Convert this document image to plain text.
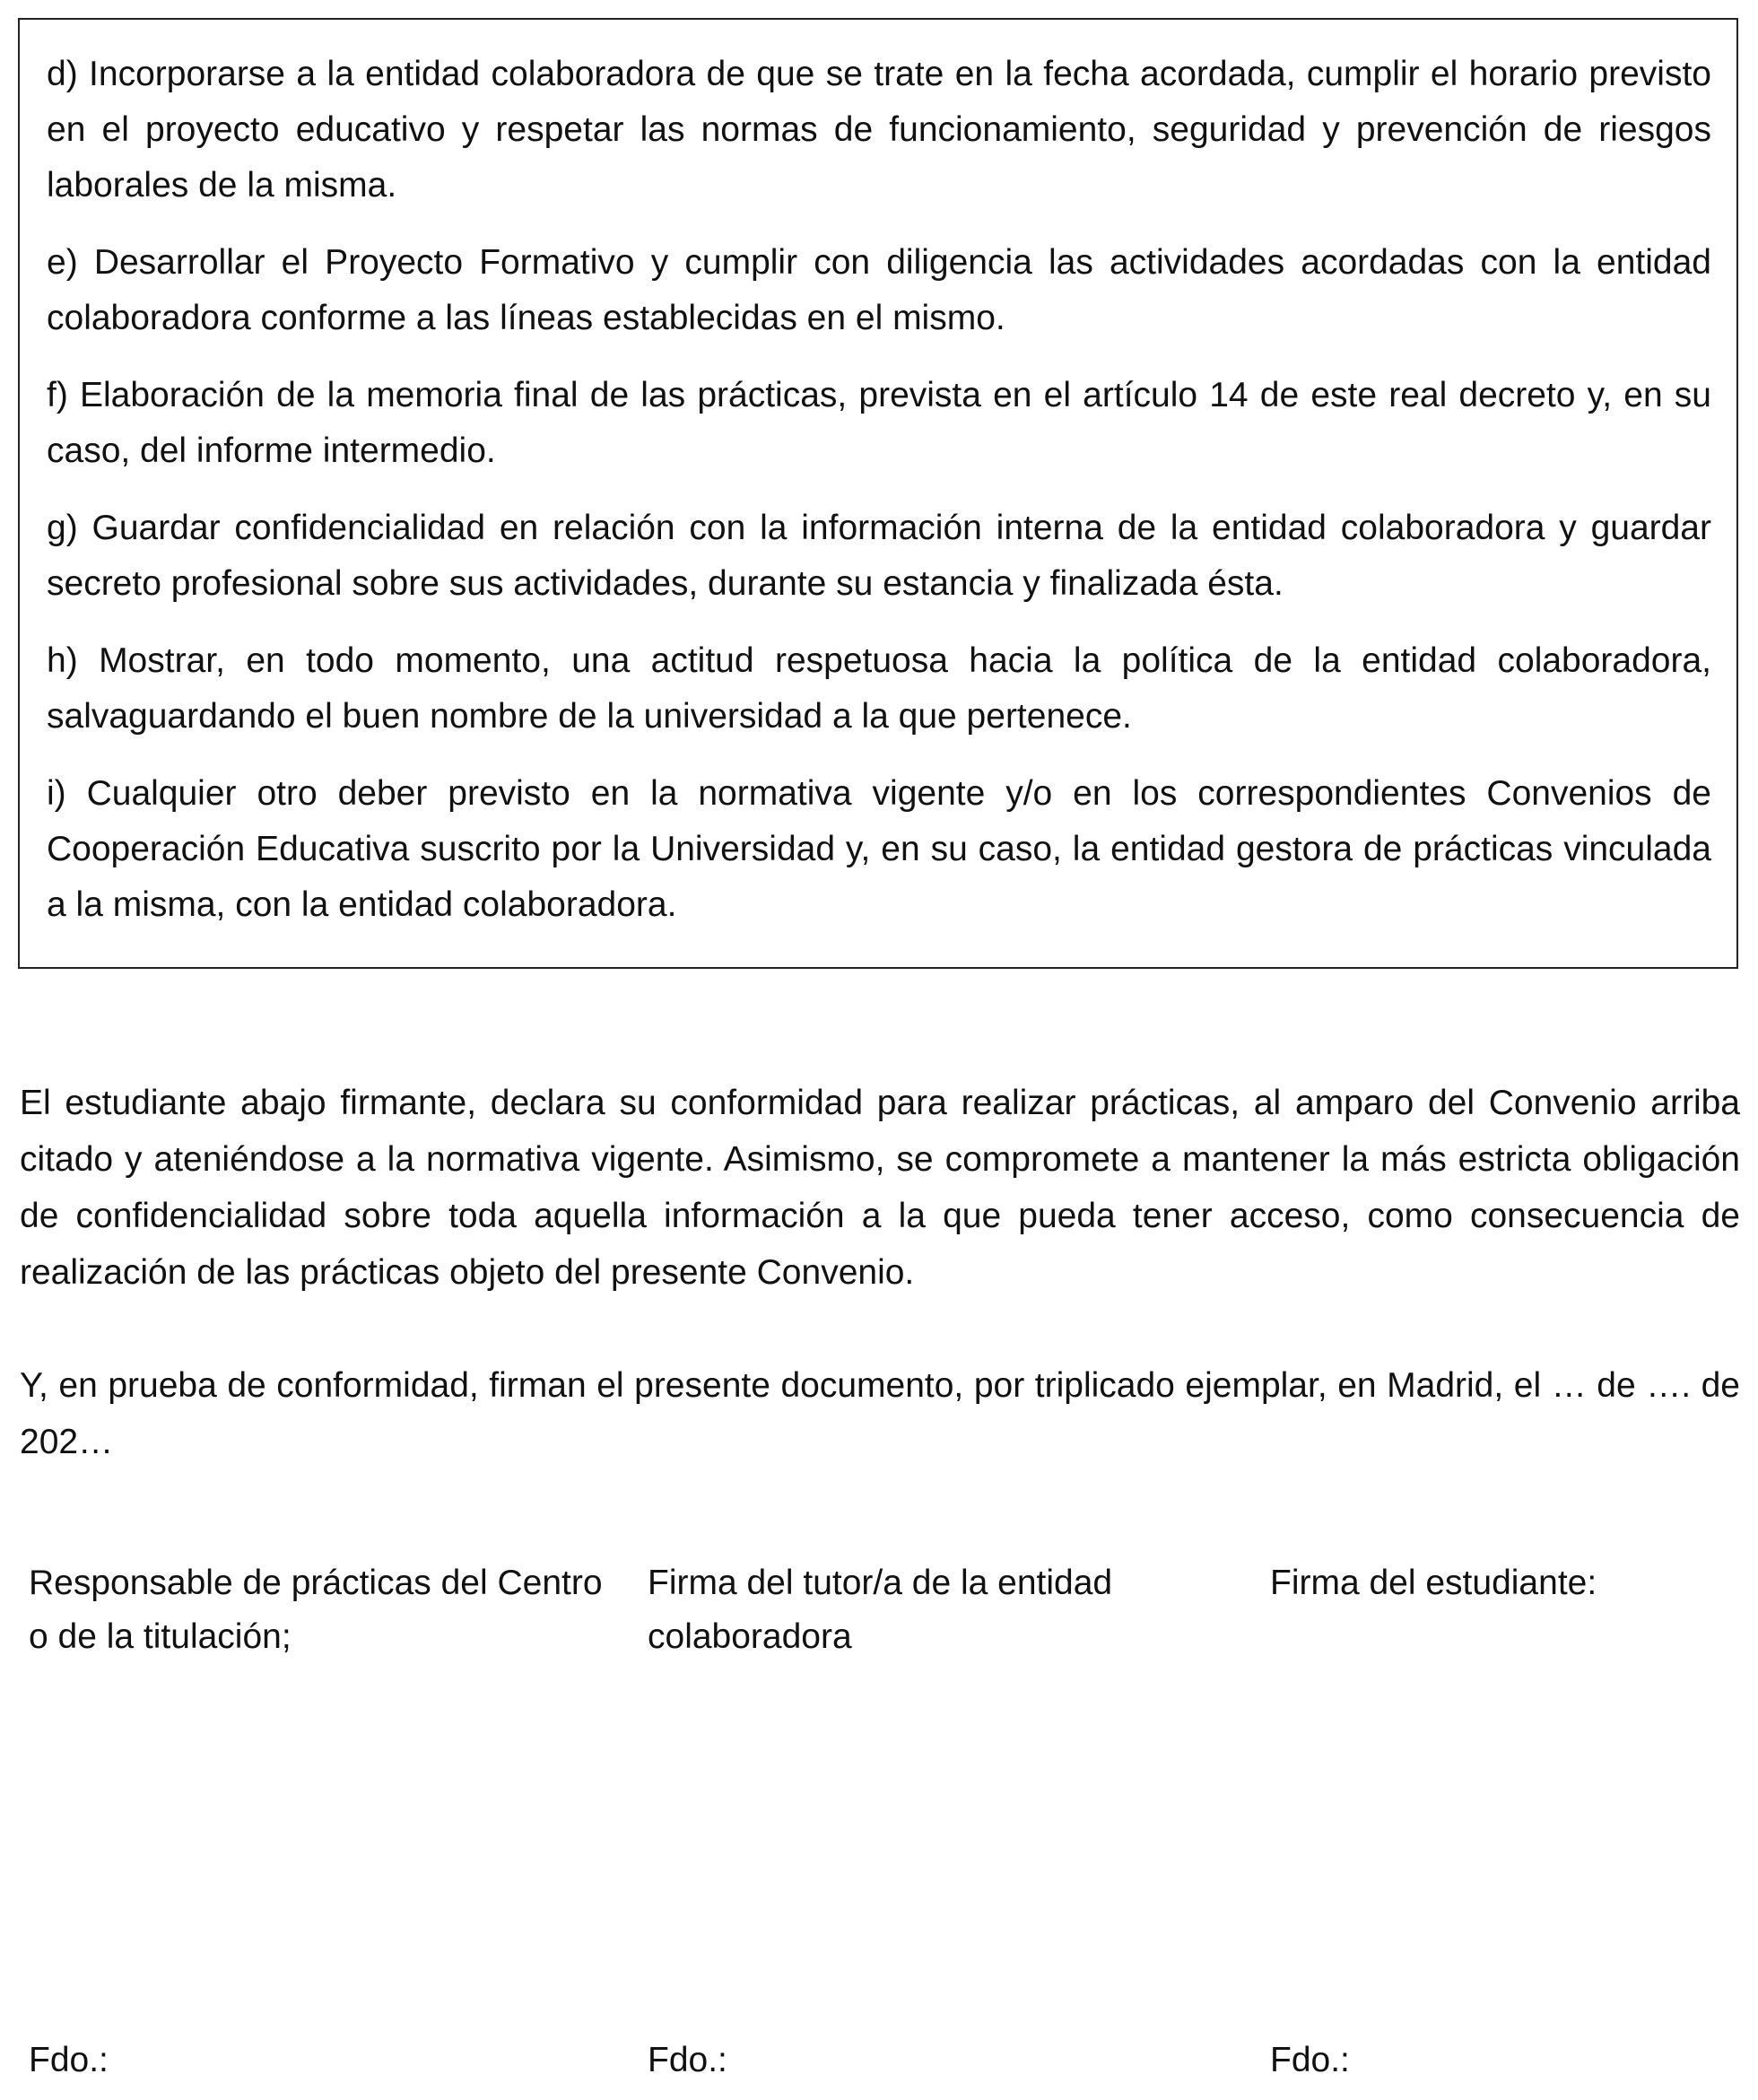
d) Incorporarse a la entidad colaboradora de que se trate en la fecha acordada, cumplir el horario previsto en el proyecto educativo y respetar las normas de funcionamiento, seguridad y prevención de riesgos laborales de la misma.

e) Desarrollar el Proyecto Formativo y cumplir con diligencia las actividades acordadas con la entidad colaboradora conforme a las líneas establecidas en el mismo.

f) Elaboración de la memoria final de las prácticas, prevista en el artículo 14 de este real decreto y, en su caso, del informe intermedio.

g) Guardar confidencialidad en relación con la información interna de la entidad colaboradora y guardar secreto profesional sobre sus actividades, durante su estancia y finalizada ésta.

h) Mostrar, en todo momento, una actitud respetuosa hacia la política de la entidad colaboradora, salvaguardando el buen nombre de la universidad a la que pertenece.

i) Cualquier otro deber previsto en la normativa vigente y/o en los correspondientes Convenios de Cooperación Educativa suscrito por la Universidad y, en su caso, la entidad gestora de prácticas vinculada a la misma, con la entidad colaboradora.

El estudiante abajo firmante, declara su conformidad para realizar prácticas, al amparo del Convenio arriba citado y ateniéndose a la normativa vigente. Asimismo, se compromete a mantener la más estricta obligación de confidencialidad sobre toda aquella información a la que pueda tener acceso, como consecuencia de realización de las prácticas objeto del presente Convenio.

Y, en prueba de conformidad, firman el presente documento, por triplicado ejemplar, en Madrid, el … de …. de 202…

Responsable de prácticas del Centro o de la titulación;

Fdo.:

Firma del tutor/a de la entidad colaboradora

Fdo.:

Firma del estudiante:

Fdo.:
